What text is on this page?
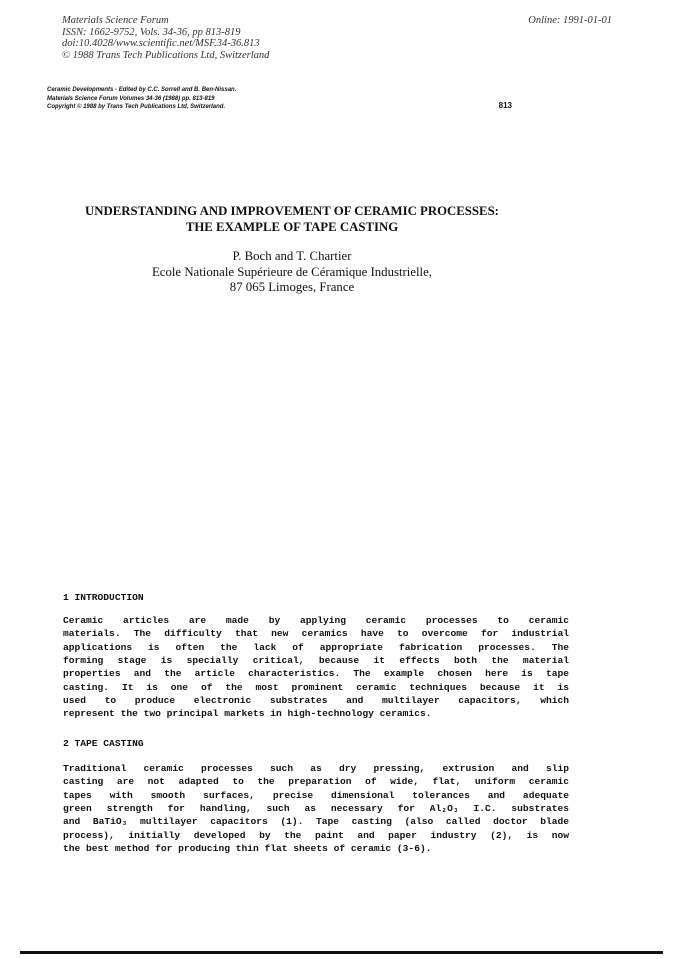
Materials Science Forum
ISSN: 1662-9752, Vols. 34-36, pp 813-819
doi:10.4028/www.scientific.net/MSF.34-36.813
© 1988 Trans Tech Publications Ltd, Switzerland
Online: 1991-01-01
Ceramic Developments - Edited by C.C. Sorrell and B. Ben-Nissan.
Materials Science Forum Volumes 34-36 (1988) pp. 813-819
Copyright © 1988 by Trans Tech Publications Ltd, Switzerland.	813
UNDERSTANDING AND IMPROVEMENT OF CERAMIC PROCESSES:
THE EXAMPLE OF TAPE CASTING
P. Boch and T. Chartier
Ecole Nationale Supérieure de Céramique Industrielle,
87 065 Limoges, France
1 INTRODUCTION
Ceramic articles are made by applying ceramic processes to ceramic
materials. The difficulty that new ceramics have to overcome for industrial
applications is often the lack of appropriate fabrication processes. The
forming stage is specially critical, because it effects both the material
properties and the article characteristics. The example chosen here is tape
casting. It is one of the most prominent ceramic techniques because it is
used to produce electronic substrates and multilayer capacitors, which
represent the two principal markets in high-technology ceramics.
2 TAPE CASTING
Traditional ceramic processes such as dry pressing, extrusion and slip
casting are not adapted to the preparation of wide, flat, uniform ceramic
tapes with smooth surfaces, precise dimensional tolerances and adequate
green strength for handling, such as necessary for Al₂O₃ I.C. substrates
and BaTiO₃ multilayer capacitors (1). Tape casting (also called doctor blade
process), initially developed by the paint and paper industry (2), is now
the best method for producing thin flat sheets of ceramic (3-6).
